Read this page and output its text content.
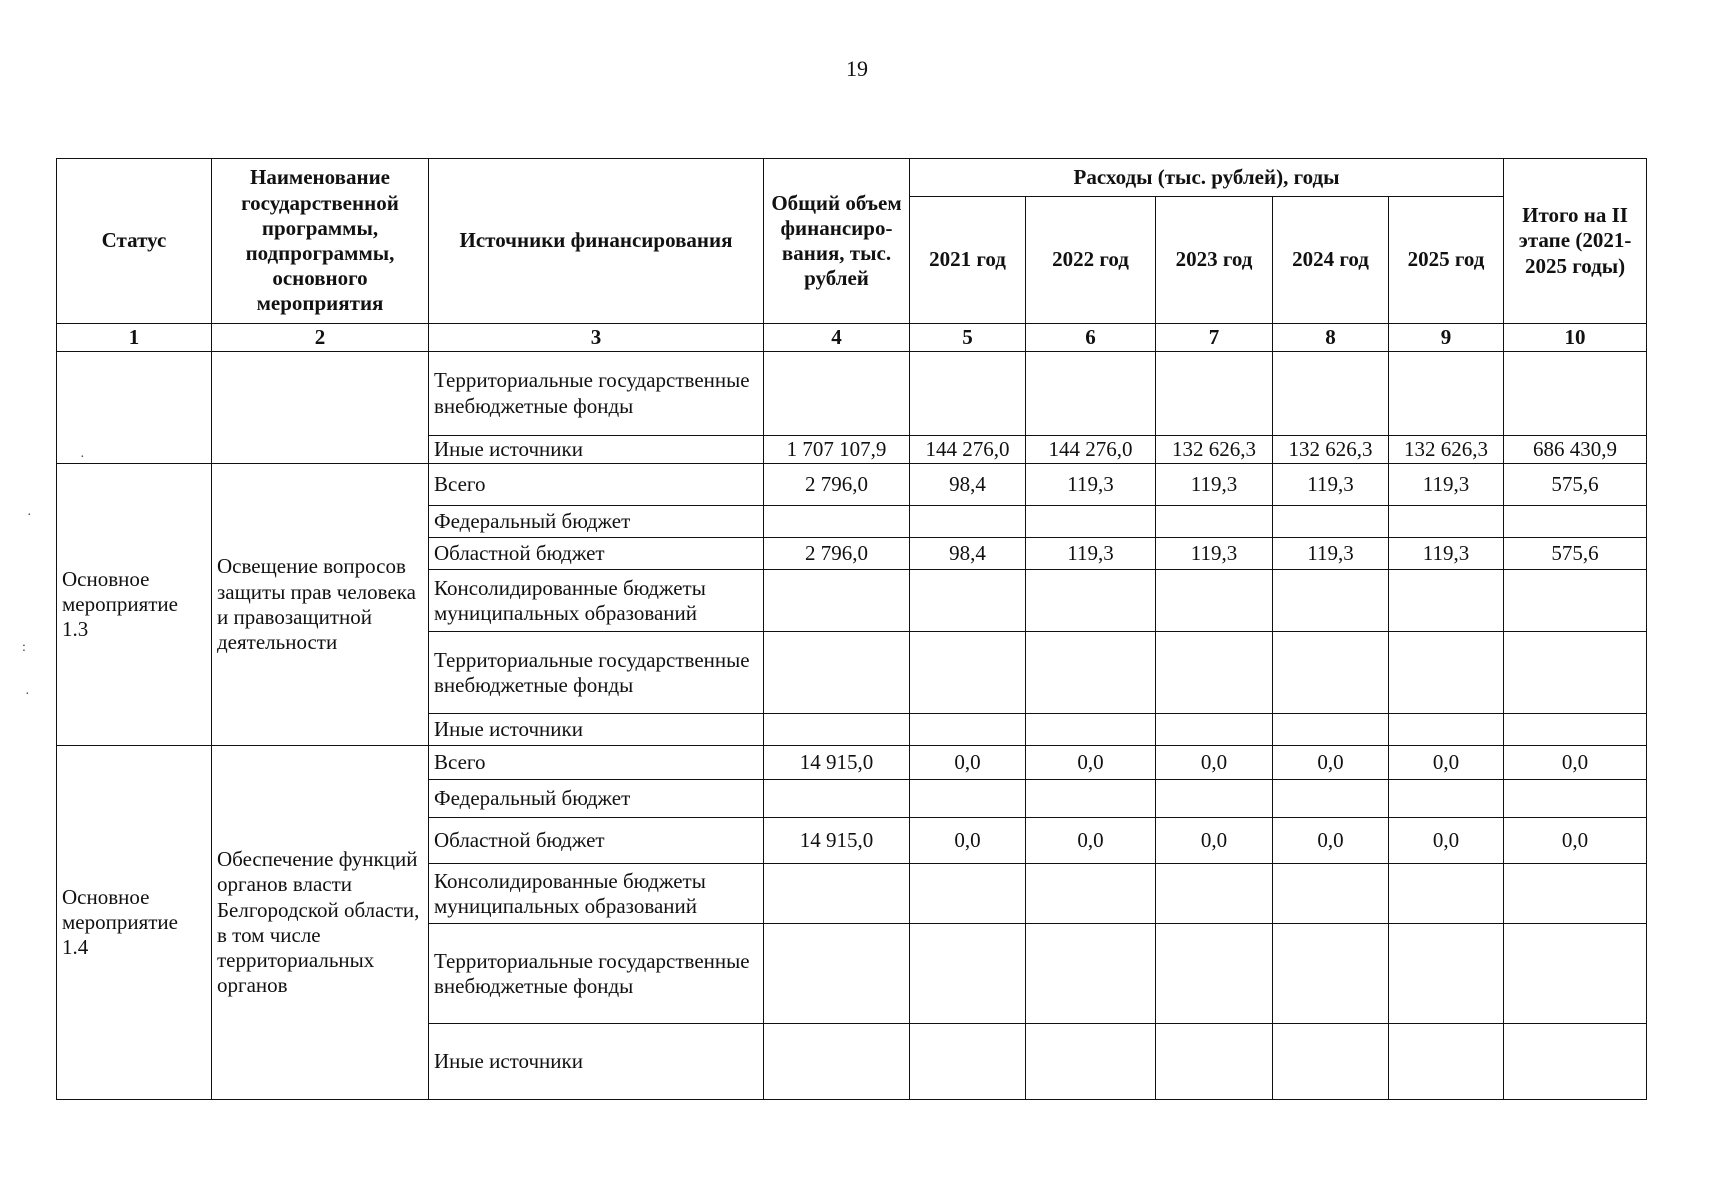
19
·
·
:
·
Статус	Наименование государственной программы, подпрограммы, основного мероприятия	Источники финансирования	Общий объем финансиро-вания, тыс. рублей	Расходы (тыс. рублей), годы					Итого на II этапе (2021-2025 годы)
				2021 год	2022 год	2023 год	2024 год	2025 год	
1	2	3	4	5	6	7	8	9	10
		Территориальные государственные внебюджетные фонды							
		Иные источники	1 707 107,9	144 276,0	144 276,0	132 626,3	132 626,3	132 626,3	686 430,9
Основное мероприятие 1.3	Освещение вопросов защиты прав человека и правозащитной деятельности	Всего	2 796,0	98,4	119,3	119,3	119,3	119,3	575,6
		Федеральный бюджет							
		Областной бюджет	2 796,0	98,4	119,3	119,3	119,3	119,3	575,6
		Консолидированные бюджеты муниципальных образований							
		Территориальные государственные внебюджетные фонды							
		Иные источники							
Основное мероприятие 1.4	Обеспечение функций органов власти Белгородской области, в том числе территориальных органов	Всего	14 915,0	0,0	0,0	0,0	0,0	0,0	0,0
		Федеральный бюджет							
		Областной бюджет	14 915,0	0,0	0,0	0,0	0,0	0,0	0,0
		Консолидированные бюджеты муниципальных образований							
		Территориальные государственные внебюджетные фонды							
		Иные источники							
